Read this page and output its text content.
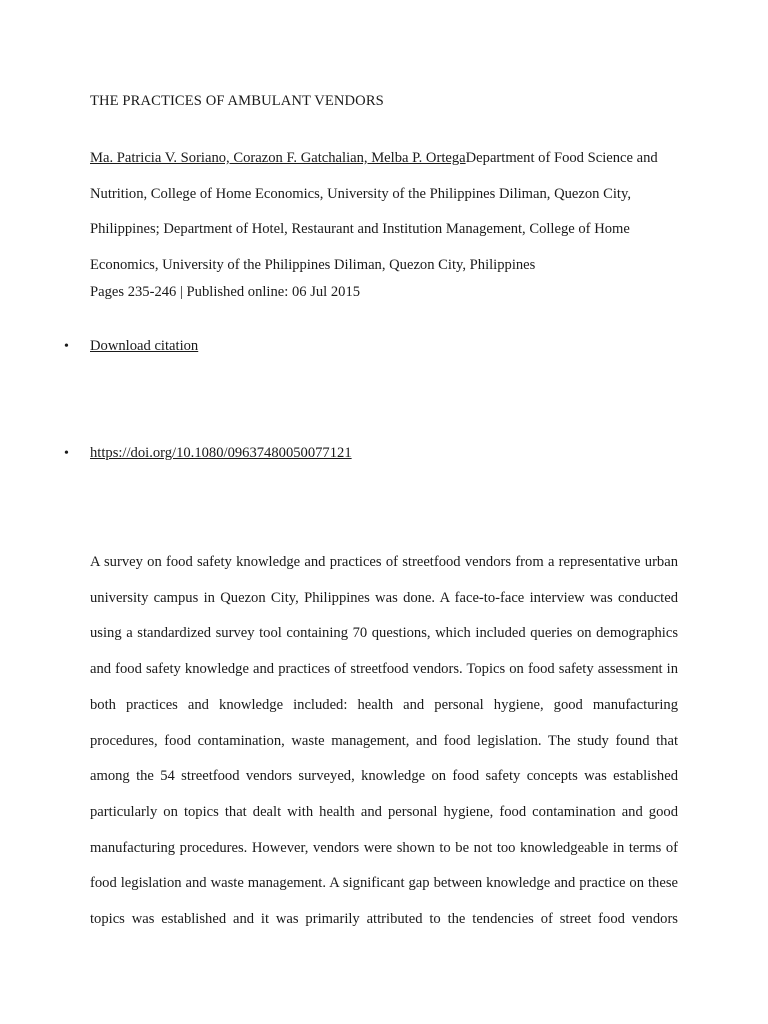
THE PRACTICES OF AMBULANT VENDORS
Ma. Patricia V. Soriano, Corazon F. Gatchalian, Melba P. OrtegaDepartment of Food Science and Nutrition, College of Home Economics, University of the Philippines Diliman, Quezon City, Philippines; Department of Hotel, Restaurant and Institution Management, College of Home Economics, University of the Philippines Diliman, Quezon City, Philippines
Pages 235-246 | Published online: 06 Jul 2015
•	Download citation
•	https://doi.org/10.1080/09637480050077121
A survey on food safety knowledge and practices of streetfood vendors from a representative urban university campus in Quezon City, Philippines was done. A face-to-face interview was conducted using a standardized survey tool containing 70 questions, which included queries on demographics and food safety knowledge and practices of streetfood vendors. Topics on food safety assessment in both practices and knowledge included: health and personal hygiene, good manufacturing procedures, food contamination, waste management, and food legislation. The study found that among the 54 streetfood vendors surveyed, knowledge on food safety concepts was established particularly on topics that dealt with health and personal hygiene, food contamination and good manufacturing procedures. However, vendors were shown to be not too knowledgeable in terms of food legislation and waste management. A significant gap between knowledge and practice on these topics was established and it was primarily attributed to the tendencies of street food vendors
